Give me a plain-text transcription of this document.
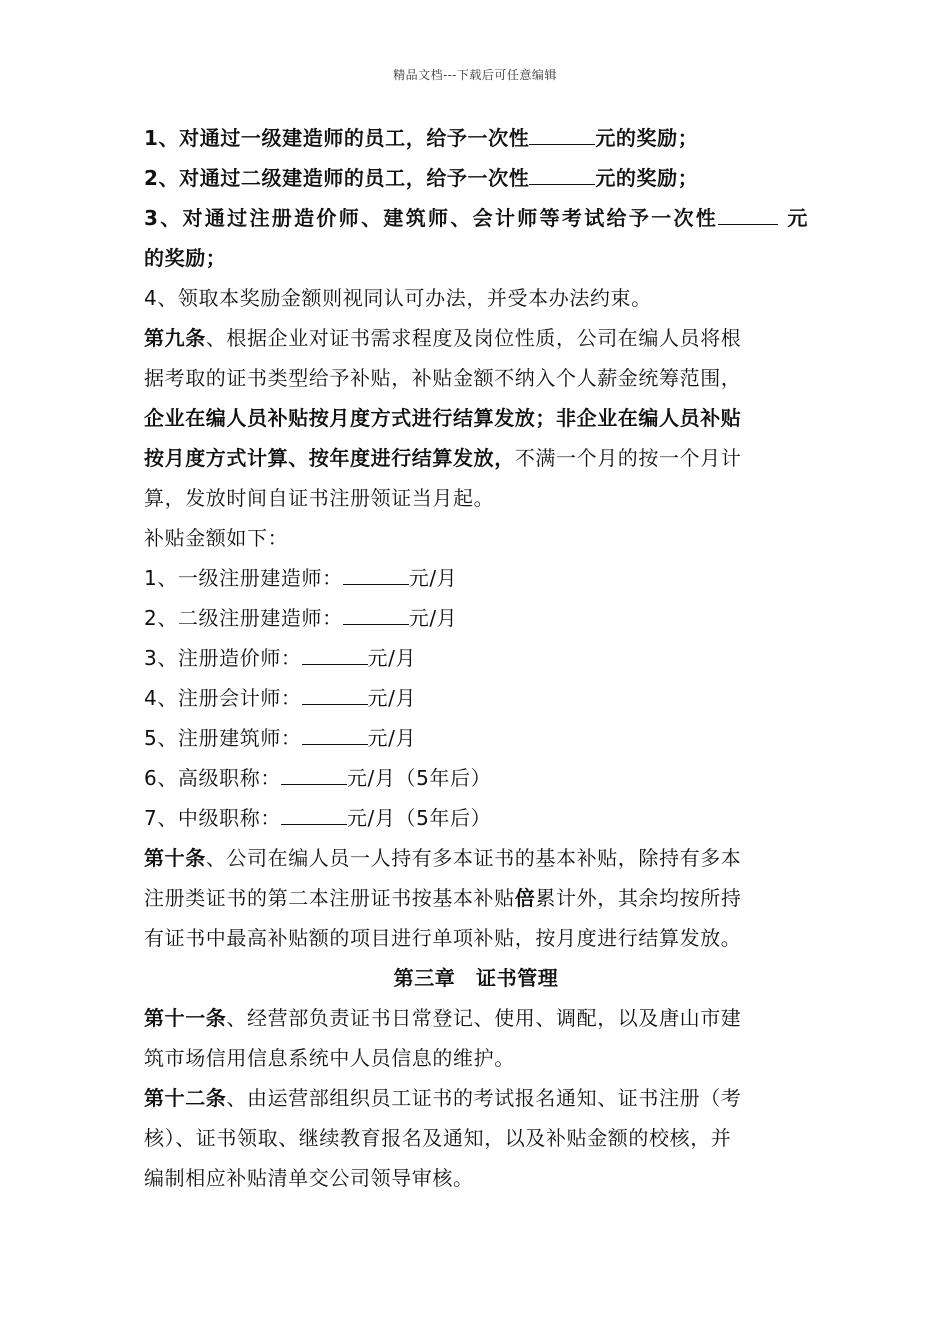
精品文档---下载后可任意编辑
1、对通过一级建造师的员工，给予一次性	元的奖励；
2、对通过二级建造师的员工，给予一次性	元的奖励；
3、对通过注册造价师、建筑师、会计师等考试给予一次性	元
的奖励；
4、领取本奖励金额则视同认可办法，并受本办法约束。
第九条、根据企业对证书需求程度及岗位性质，公司在编人员将根
据考取的证书类型给予补贴，补贴金额不纳入个人薪金统筹范围，
企业在编人员补贴按月度方式进行结算发放；非企业在编人员补贴
按月度方式计算、按年度进行结算发放，不满一个月的按一个月计
算，发放时间自证书注册领证当月起。
补贴金额如下：
1、一级注册建造师：	元/月
2、二级注册建造师：	元/月
3、注册造价师：	元/月
4、注册会计师：	元/月
5、注册建筑师：	元/月
6、高级职称：	元/月（5年后）
7、中级职称：	元/月（5年后）
第十条、公司在编人员一人持有多本证书的基本补贴，除持有多本
注册类证书的第二本注册证书按基本补贴倍累计外，其余均按所持
有证书中最高补贴额的项目进行单项补贴，按月度进行结算发放。
第三章　证书管理
第十一条、经营部负责证书日常登记、使用、调配，以及唐山市建
筑市场信用信息系统中人员信息的维护。
第十二条、由运营部组织员工证书的考试报名通知、证书注册（考
核）、证书领取、继续教育报名及通知，以及补贴金额的校核，并
编制相应补贴清单交公司领导审核。
